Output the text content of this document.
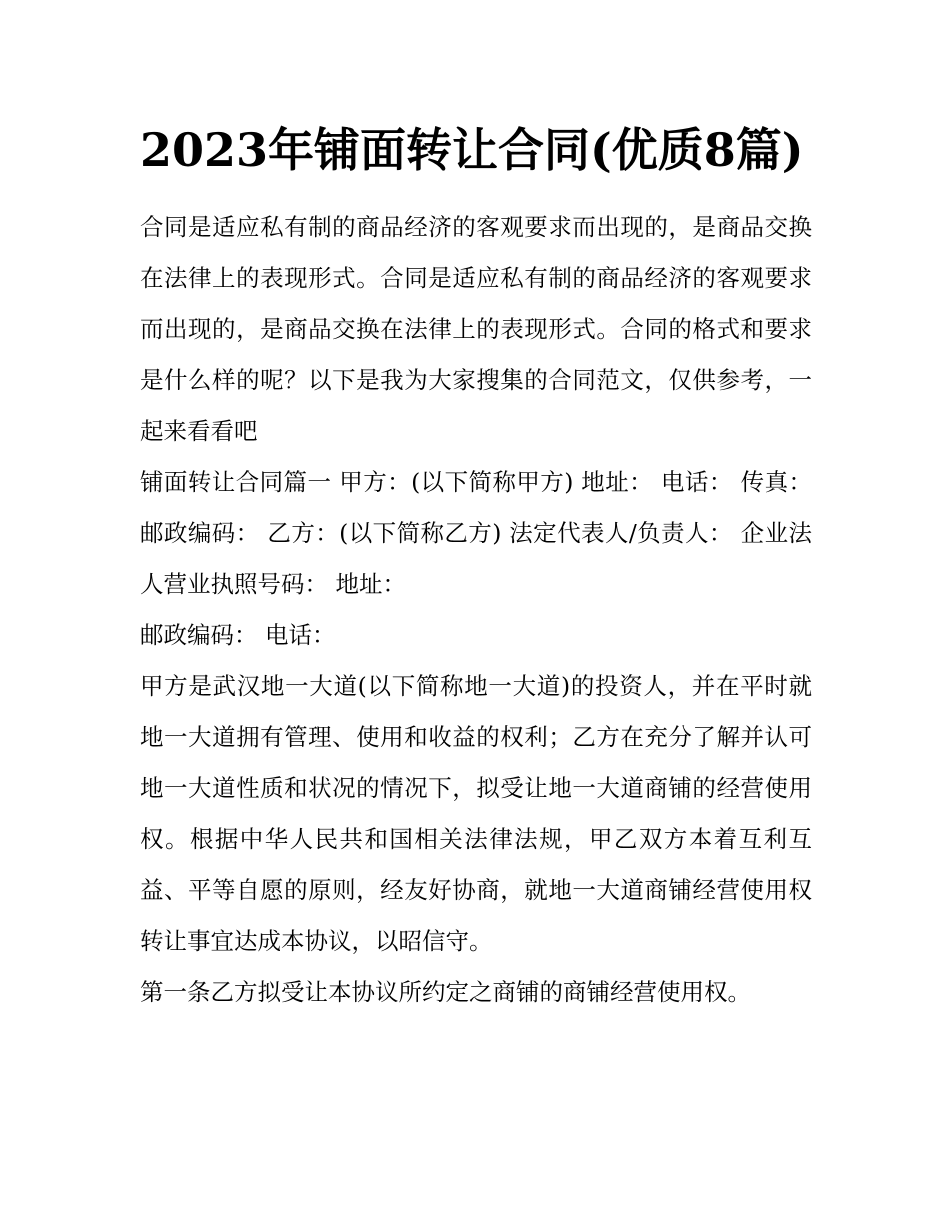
2023年铺面转让合同(优质8篇)

合同是适应私有制的商品经济的客观要求而出现的，是商品交换在法律上的表现形式。合同是适应私有制的商品经济的客观要求而出现的，是商品交换在法律上的表现形式。合同的格式和要求是什么样的呢？以下是我为大家搜集的合同范文，仅供参考，一起来看看吧

铺面转让合同篇一 甲方：(以下简称甲方) 地址： 电话： 传真： 邮政编码： 乙方：(以下简称乙方) 法定代表人/负责人： 企业法人营业执照号码： 地址：

邮政编码： 电话：

甲方是武汉地一大道(以下简称地一大道)的投资人，并在平时就地一大道拥有管理、使用和收益的权利；乙方在充分了解并认可地一大道性质和状况的情况下，拟受让地一大道商铺的经营使用权。根据中华人民共和国相关法律法规，甲乙双方本着互利互益、平等自愿的原则，经友好协商，就地一大道商铺经营使用权转让事宜达成本协议，以昭信守。

第一条乙方拟受让本协议所约定之商铺的商铺经营使用权。
